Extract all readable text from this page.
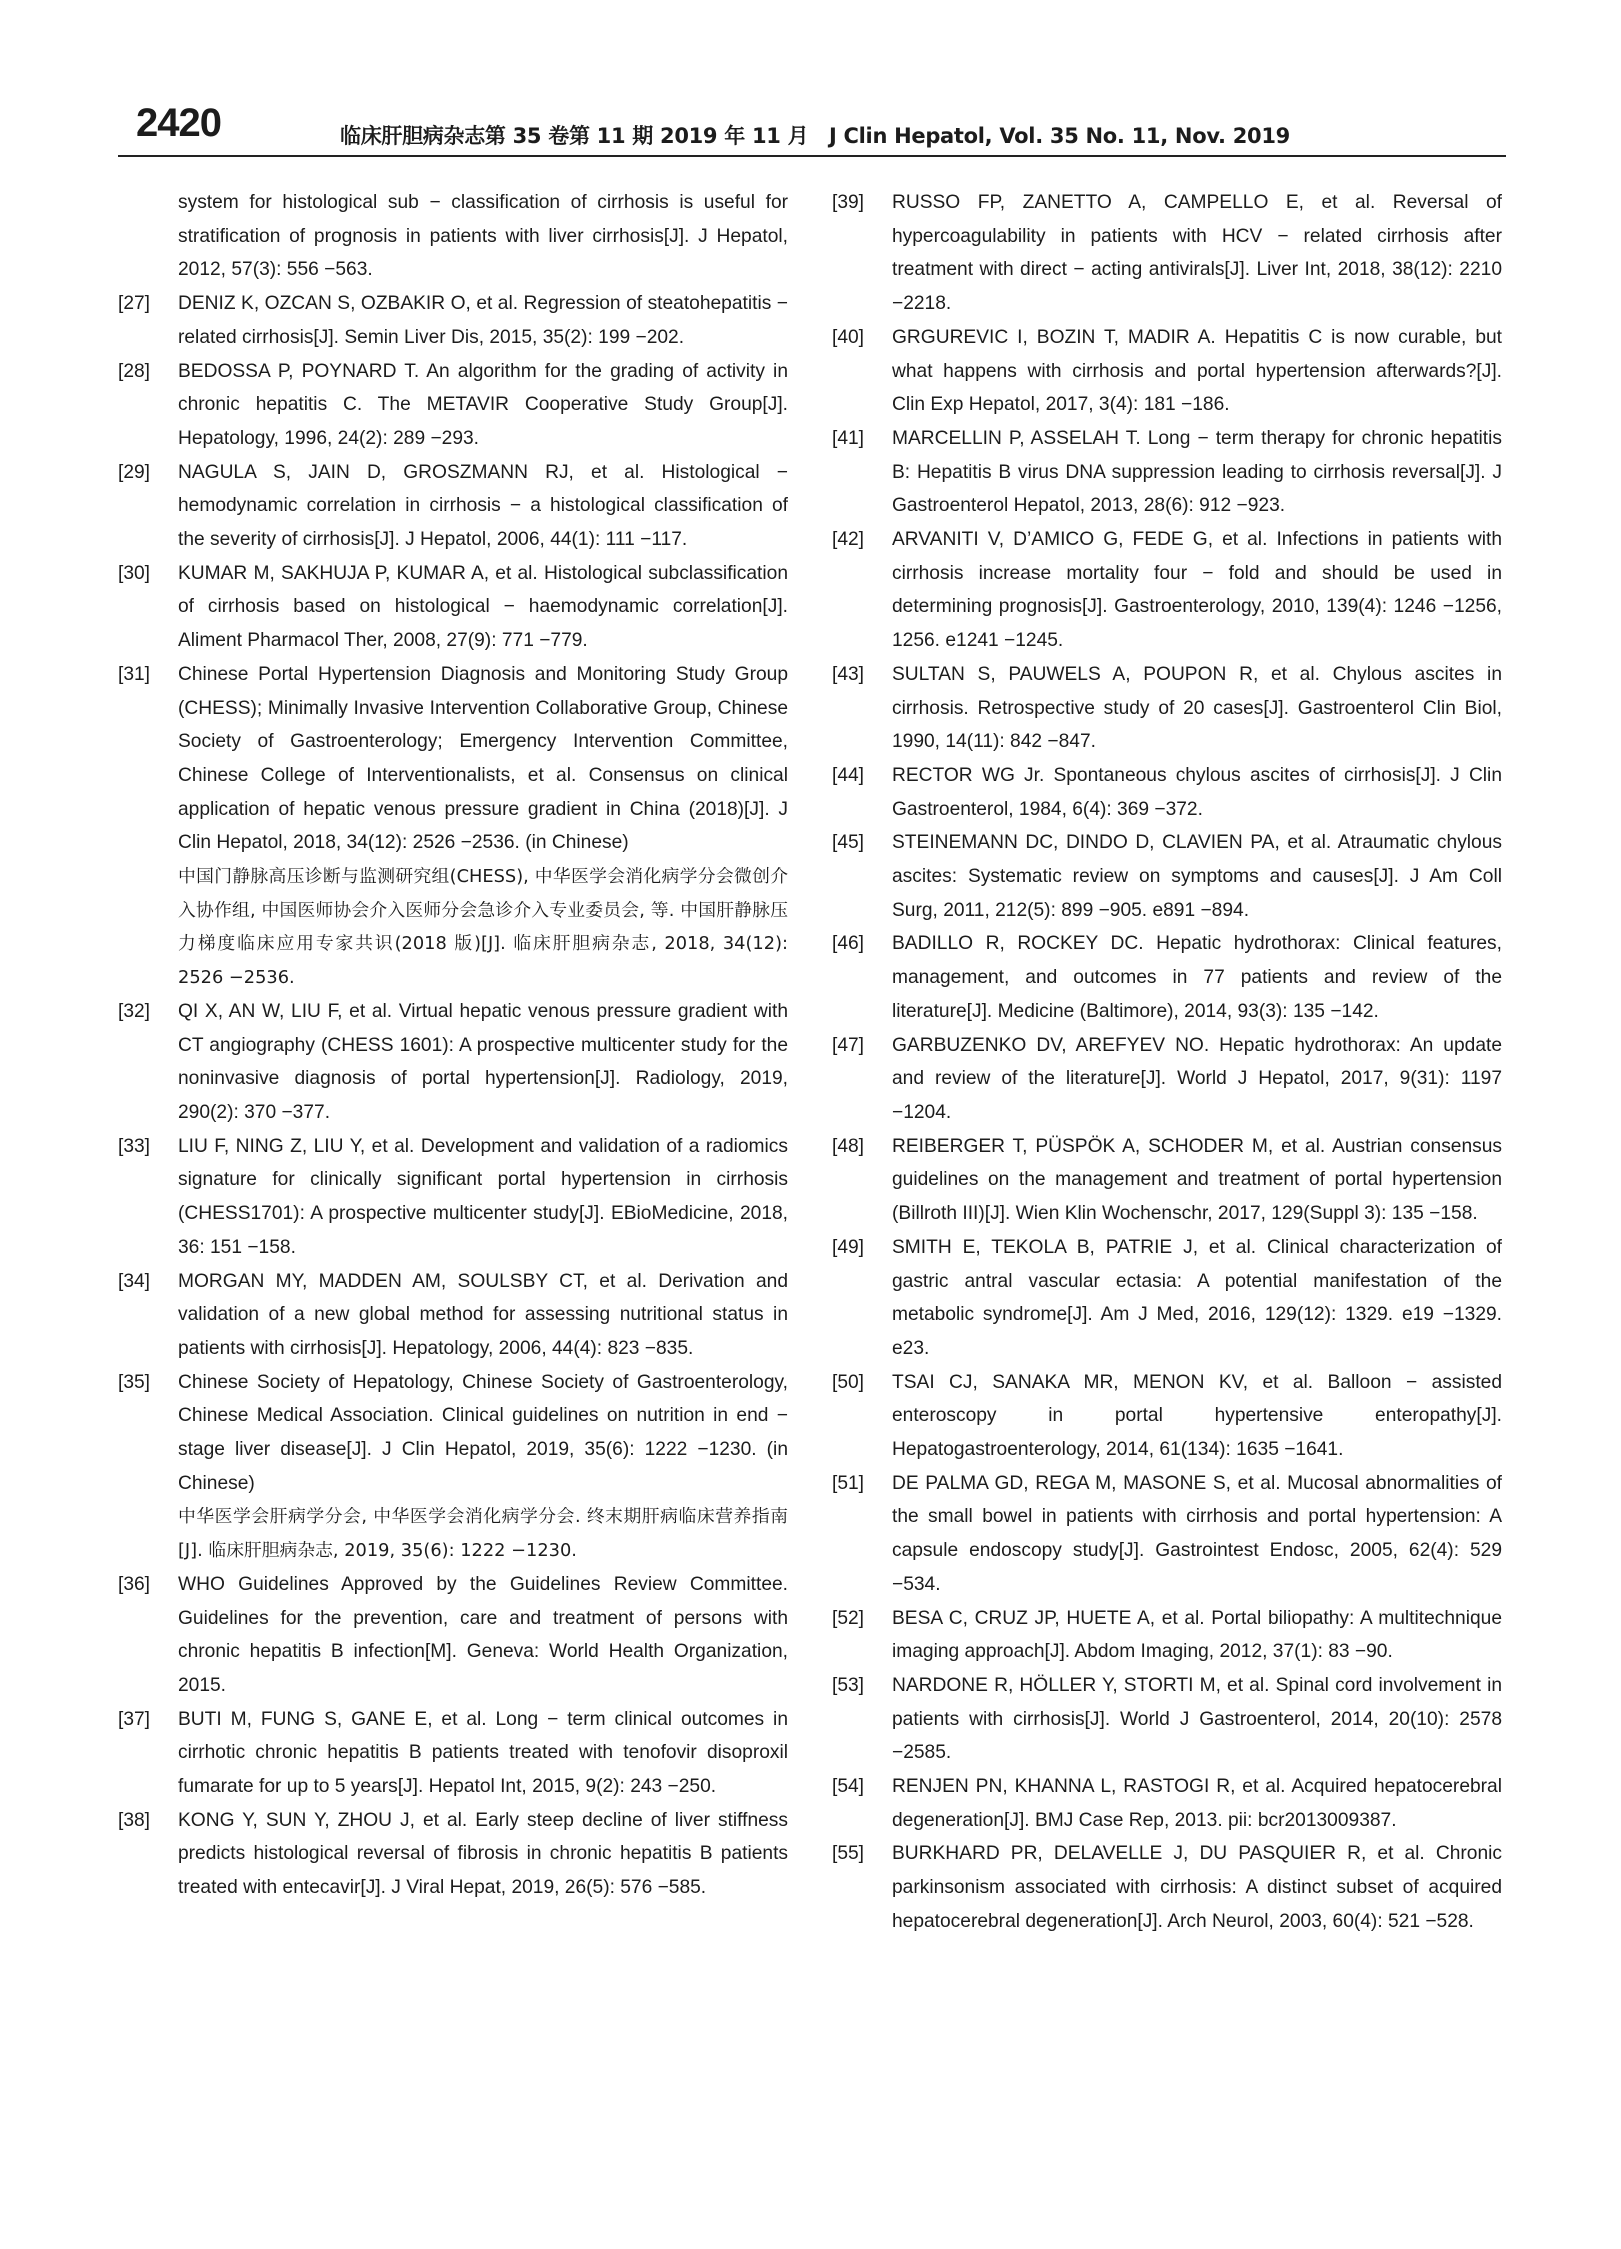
2420	临床肝胆病杂志第 35 卷第 11 期 2019 年 11 月　J Clin Hepatol, Vol. 35 No. 11, Nov. 2019
system for histological sub − classification of cirrhosis is useful for stratification of prognosis in patients with liver cirrhosis[J]. J Hepatol, 2012, 57(3): 556 −563.
[27] DENIZ K, OZCAN S, OZBAKIR O, et al. Regression of steatohepatitis − related cirrhosis[J]. Semin Liver Dis, 2015, 35(2): 199 −202.
[28] BEDOSSA P, POYNARD T. An algorithm for the grading of activity in chronic hepatitis C. The METAVIR Cooperative Study Group[J]. Hepatology, 1996, 24(2): 289 −293.
[29] NAGULA S, JAIN D, GROSZMANN RJ, et al. Histological − hemodynamic correlation in cirrhosis − a histological classification of the severity of cirrhosis[J]. J Hepatol, 2006, 44(1): 111 −117.
[30] KUMAR M, SAKHUJA P, KUMAR A, et al. Histological subclassification of cirrhosis based on histological − haemodynamic correlation[J]. Aliment Pharmacol Ther, 2008, 27(9): 771 −779.
[31] Chinese Portal Hypertension Diagnosis and Monitoring Study Group (CHESS); Minimally Invasive Intervention Collaborative Group, Chinese Society of Gastroenterology; Emergency Intervention Committee, Chinese College of Interventionalists, et al. Consensus on clinical application of hepatic venous pressure gradient in China (2018)[J]. J Clin Hepatol, 2018, 34(12): 2526 −2536. (in Chinese)
中国门静脉高压诊断与监测研究组(CHESS), 中华医学会消化病学分会微创介入协作组, 中国医师协会介入医师分会急诊介入专业委员会, 等. 中国肝静脉压力梯度临床应用专家共识(2018 版)[J]. 临床肝胆病杂志, 2018, 34(12): 2526 −2536.
[32] QI X, AN W, LIU F, et al. Virtual hepatic venous pressure gradient with CT angiography (CHESS 1601): A prospective multicenter study for the noninvasive diagnosis of portal hypertension[J]. Radiology, 2019, 290(2): 370 −377.
[33] LIU F, NING Z, LIU Y, et al. Development and validation of a radiomics signature for clinically significant portal hypertension in cirrhosis (CHESS1701): A prospective multicenter study[J]. EBioMedicine, 2018, 36: 151 −158.
[34] MORGAN MY, MADDEN AM, SOULSBY CT, et al. Derivation and validation of a new global method for assessing nutritional status in patients with cirrhosis[J]. Hepatology, 2006, 44(4): 823 −835.
[35] Chinese Society of Hepatology, Chinese Society of Gastroenterology, Chinese Medical Association. Clinical guidelines on nutrition in end − stage liver disease[J]. J Clin Hepatol, 2019, 35(6): 1222 −1230. (in Chinese)
中华医学会肝病学分会, 中华医学会消化病学分会. 终末期肝病临床营养指南[J]. 临床肝胆病杂志, 2019, 35(6): 1222 −1230.
[36] WHO Guidelines Approved by the Guidelines Review Committee. Guidelines for the prevention, care and treatment of persons with chronic hepatitis B infection[M]. Geneva: World Health Organization, 2015.
[37] BUTI M, FUNG S, GANE E, et al. Long − term clinical outcomes in cirrhotic chronic hepatitis B patients treated with tenofovir disoproxil fumarate for up to 5 years[J]. Hepatol Int, 2015, 9(2): 243 −250.
[38] KONG Y, SUN Y, ZHOU J, et al. Early steep decline of liver stiffness predicts histological reversal of fibrosis in chronic hepatitis B patients treated with entecavir[J]. J Viral Hepat, 2019, 26(5): 576 −585.
[39] RUSSO FP, ZANETTO A, CAMPELLO E, et al. Reversal of hypercoagulability in patients with HCV − related cirrhosis after treatment with direct − acting antivirals[J]. Liver Int, 2018, 38(12): 2210 −2218.
[40] GRGUREVIC I, BOZIN T, MADIR A. Hepatitis C is now curable, but what happens with cirrhosis and portal hypertension afterwards?[J]. Clin Exp Hepatol, 2017, 3(4): 181 −186.
[41] MARCELLIN P, ASSELAH T. Long − term therapy for chronic hepatitis B: Hepatitis B virus DNA suppression leading to cirrhosis reversal[J]. J Gastroenterol Hepatol, 2013, 28(6): 912 −923.
[42] ARVANITI V, D’AMICO G, FEDE G, et al. Infections in patients with cirrhosis increase mortality four − fold and should be used in determining prognosis[J]. Gastroenterology, 2010, 139(4): 1246 −1256, 1256. e1241 −1245.
[43] SULTAN S, PAUWELS A, POUPON R, et al. Chylous ascites in cirrhosis. Retrospective study of 20 cases[J]. Gastroenterol Clin Biol, 1990, 14(11): 842 −847.
[44] RECTOR WG Jr. Spontaneous chylous ascites of cirrhosis[J]. J Clin Gastroenterol, 1984, 6(4): 369 −372.
[45] STEINEMANN DC, DINDO D, CLAVIEN PA, et al. Atraumatic chylous ascites: Systematic review on symptoms and causes[J]. J Am Coll Surg, 2011, 212(5): 899 −905. e891 −894.
[46] BADILLO R, ROCKEY DC. Hepatic hydrothorax: Clinical features, management, and outcomes in 77 patients and review of the literature[J]. Medicine (Baltimore), 2014, 93(3): 135 −142.
[47] GARBUZENKO DV, AREFYEV NO. Hepatic hydrothorax: An update and review of the literature[J]. World J Hepatol, 2017, 9(31): 1197 −1204.
[48] REIBERGER T, PÜSPÖK A, SCHODER M, et al. Austrian consensus guidelines on the management and treatment of portal hypertension (Billroth III)[J]. Wien Klin Wochenschr, 2017, 129(Suppl 3): 135 −158.
[49] SMITH E, TEKOLA B, PATRIE J, et al. Clinical characterization of gastric antral vascular ectasia: A potential manifestation of the metabolic syndrome[J]. Am J Med, 2016, 129(12): 1329. e19 −1329. e23.
[50] TSAI CJ, SANAKA MR, MENON KV, et al. Balloon − assisted enteroscopy in portal hypertensive enteropathy[J]. Hepatogastroenterology, 2014, 61(134): 1635 −1641.
[51] DE PALMA GD, REGA M, MASONE S, et al. Mucosal abnormalities of the small bowel in patients with cirrhosis and portal hypertension: A capsule endoscopy study[J]. Gastrointest Endosc, 2005, 62(4): 529 −534.
[52] BESA C, CRUZ JP, HUETE A, et al. Portal biliopathy: A multitechnique imaging approach[J]. Abdom Imaging, 2012, 37(1): 83 −90.
[53] NARDONE R, HÖLLER Y, STORTI M, et al. Spinal cord involvement in patients with cirrhosis[J]. World J Gastroenterol, 2014, 20(10): 2578 −2585.
[54] RENJEN PN, KHANNA L, RASTOGI R, et al. Acquired hepatocerebral degeneration[J]. BMJ Case Rep, 2013. pii: bcr2013009387.
[55] BURKHARD PR, DELAVELLE J, DU PASQUIER R, et al. Chronic parkinsonism associated with cirrhosis: A distinct subset of acquired hepatocerebral degeneration[J]. Arch Neurol, 2003, 60(4): 521 −528.
